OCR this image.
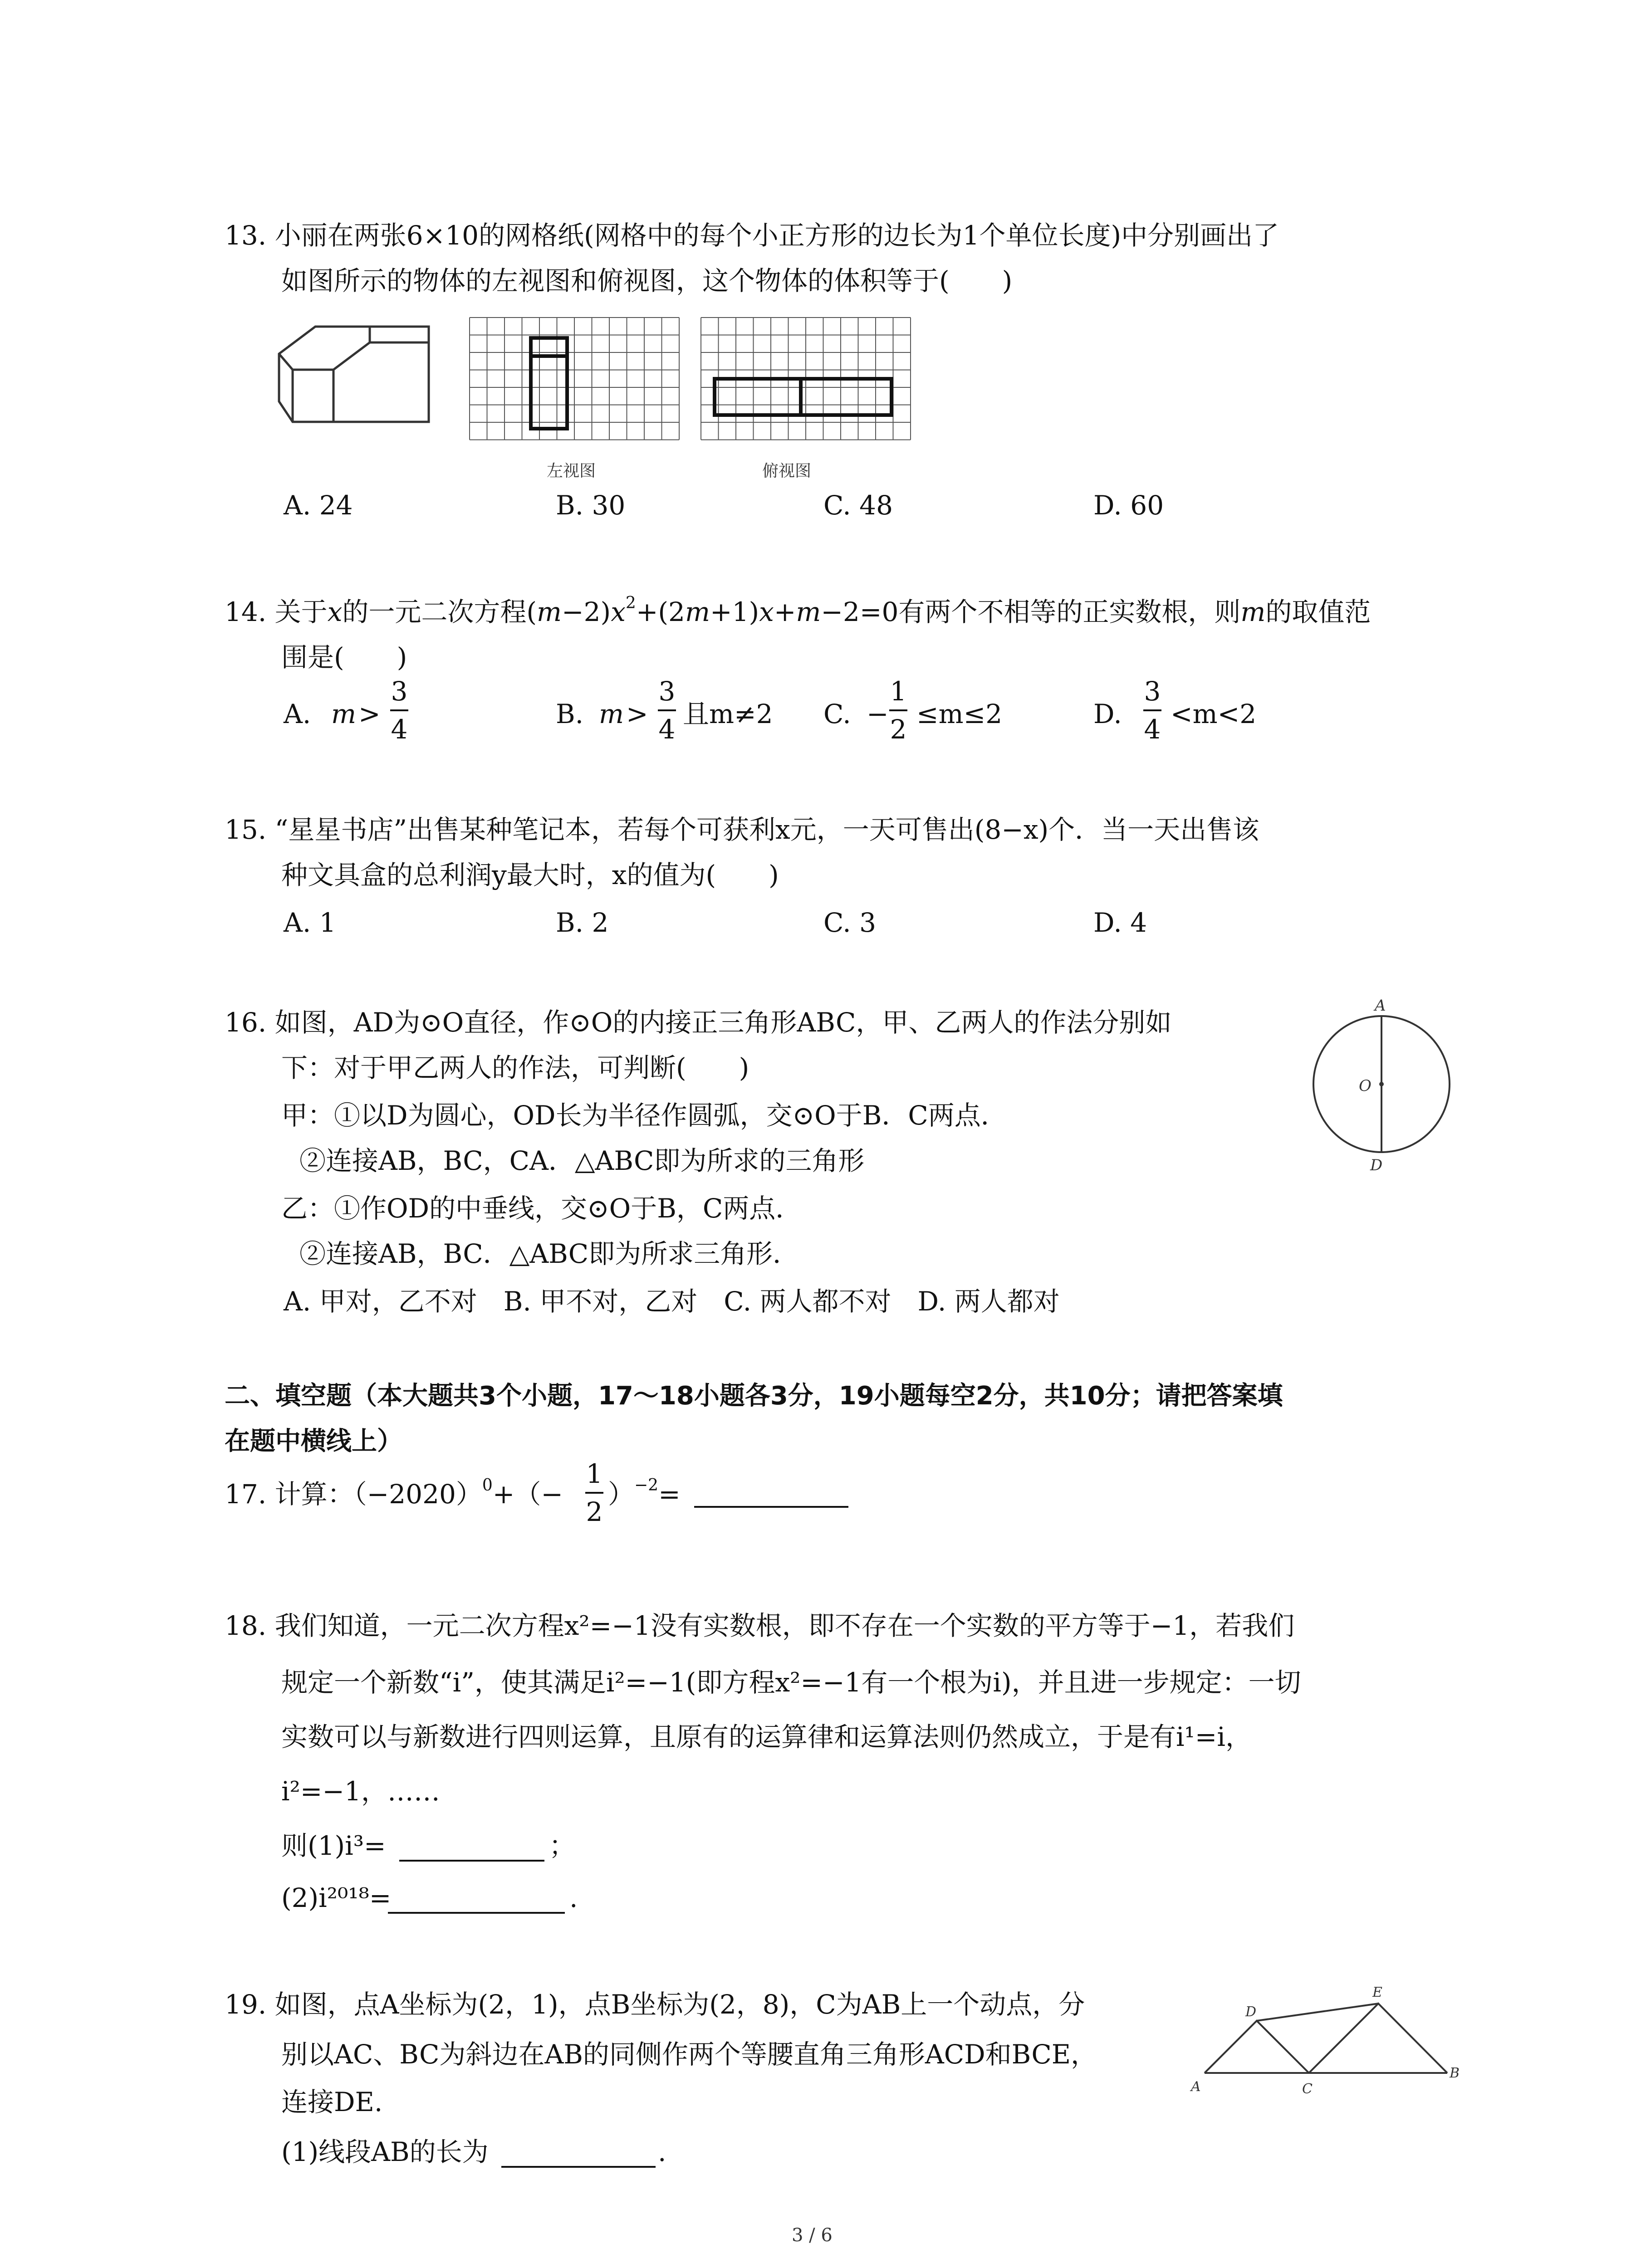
13. 小丽在两张6×10的网格纸(网格中的每个小正方形的边长为1个单位长度)中分别画出了
如图所示的物体的左视图和俯视图，这个物体的体积等于(　　)
左视图	俯视图
A. 24	B. 30	C. 48	D. 60
14. 关于x的一元二次方程$(m-2)x^2+(2m+1)x+m-2=0$有两个不相等的正实数根，则m的取值范
围是(　　)
A. m >
3
4	B. m >
3
4 且m≠2 C. −
1
2 ≤m≤2	D.
3
4 <m<2
15. “星星书店”出售某种笔记本，若每个可获利x元，一天可售出(8−x)个．当一天出售该
种文具盒的总利润y最大时，x的值为(　　)
A. 1	B. 2	C. 3	D. 4
16. 如图，AD为⊙O直径，作⊙O的内接正三角形ABC，甲、乙两人的作法分别如
下：对于甲乙两人的作法，可判断(　　)
甲：①以D为圆心，OD长为半径作圆弧，交⊙O于B．C两点．
②连接AB，BC，CA．△ABC即为所求的三角形
乙：①作OD的中垂线，交⊙O于B，C两点．
②连接AB，BC．△ABC即为所求三角形．
A. 甲对，乙不对　B. 甲不对，乙对　C. 两人都不对　D. 两人都对
A
O
D
二、填空题（本大题共3个小题，17～18小题各3分，19小题每空2分，共10分；请把答案填
在题中横线上）
17. 计算：$(-2020)^0+(-$
1
2
）$^{-2}$=
18. 我们知道，一元二次方程x²=−1没有实数根，即不存在一个实数的平方等于−1，若我们
规定一个新数“i”，使其满足i²=−1(即方程x²=−1有一个根为i)，并且进一步规定：一切
实数可以与新数进行四则运算，且原有的运算律和运算法则仍然成立，于是有i¹=i，
i²=−1，……
则(1)i³=	；
(2)i²⁰¹⁸=	.
19. 如图，点A坐标为(2，1)，点B坐标为(2，8)，C为AB上一个动点，分
别以AC、BC为斜边在AB的同侧作两个等腰直角三角形ACD和BCE，
连接DE.
(1)线段AB的长为	.
A
B
C
D
E
3 / 6
